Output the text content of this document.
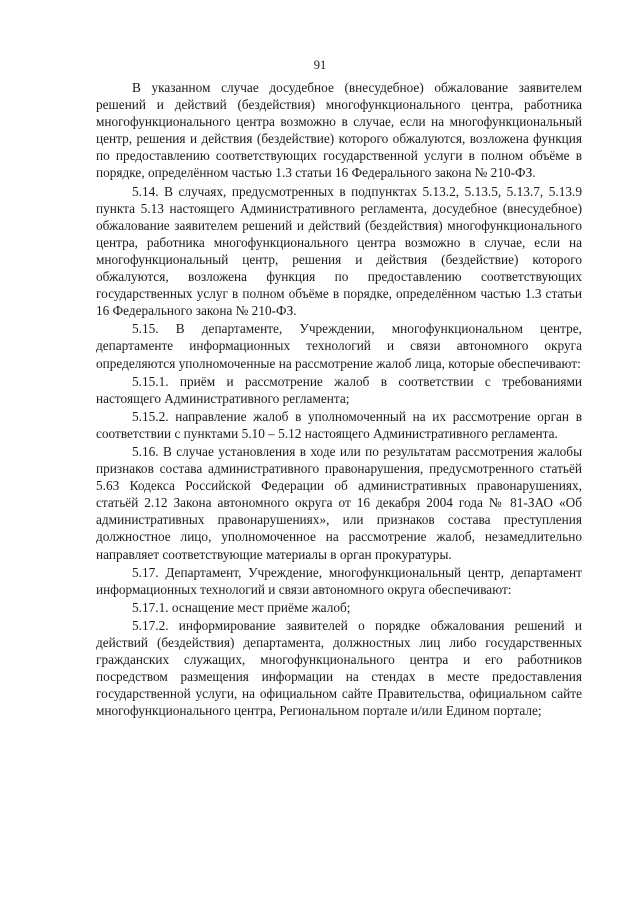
91

В указанном случае досудебное (внесудебное) обжалование заявителем решений и действий (бездействия) многофункционального центра, работника многофункционального центра возможно в случае, если на многофункциональный центр, решения и действия (бездействие) которого обжалуются, возложена функция по предоставлению соответствующих государственной услуги в полном объёме в порядке, определённом частью 1.3 статьи 16 Федерального закона № 210-ФЗ.

5.14. В случаях, предусмотренных в подпунктах 5.13.2, 5.13.5, 5.13.7, 5.13.9 пункта 5.13 настоящего Административного регламента, досудебное (внесудебное) обжалование заявителем решений и действий (бездействия) многофункционального центра, работника многофункционального центра возможно в случае, если на многофункциональный центр, решения и действия (бездействие) которого обжалуются, возложена функция по предоставлению соответствующих государственных услуг в полном объёме в порядке, определённом частью 1.3 статьи 16 Федерального закона № 210-ФЗ.

5.15. В департаменте, Учреждении, многофункциональном центре, департаменте информационных технологий и связи автономного округа определяются уполномоченные на рассмотрение жалоб лица, которые обеспечивают:

5.15.1. приём и рассмотрение жалоб в соответствии с требованиями настоящего Административного регламента;

5.15.2. направление жалоб в уполномоченный на их рассмотрение орган в соответствии с пунктами 5.10 – 5.12 настоящего Административного регламента.

5.16. В случае установления в ходе или по результатам рассмотрения жалобы признаков состава административного правонарушения, предусмотренного статьёй 5.63 Кодекса Российской Федерации об административных правонарушениях, статьёй 2.12 Закона автономного округа от 16 декабря 2004 года № 81-ЗАО «Об административных правонарушениях», или признаков состава преступления должностное лицо, уполномоченное на рассмотрение жалоб, незамедлительно направляет соответствующие материалы в орган прокуратуры.

5.17. Департамент, Учреждение, многофункциональный центр, департамент информационных технологий и связи автономного округа обеспечивают:

5.17.1. оснащение мест приёме жалоб;

5.17.2. информирование заявителей о порядке обжалования решений и действий (бездействия) департамента, должностных лиц либо государственных гражданских служащих, многофункционального центра и его работников посредством размещения информации на стендах в месте предоставления государственной услуги, на официальном сайте Правительства, официальном сайте многофункционального центра, Региональном портале и/или Едином портале;
